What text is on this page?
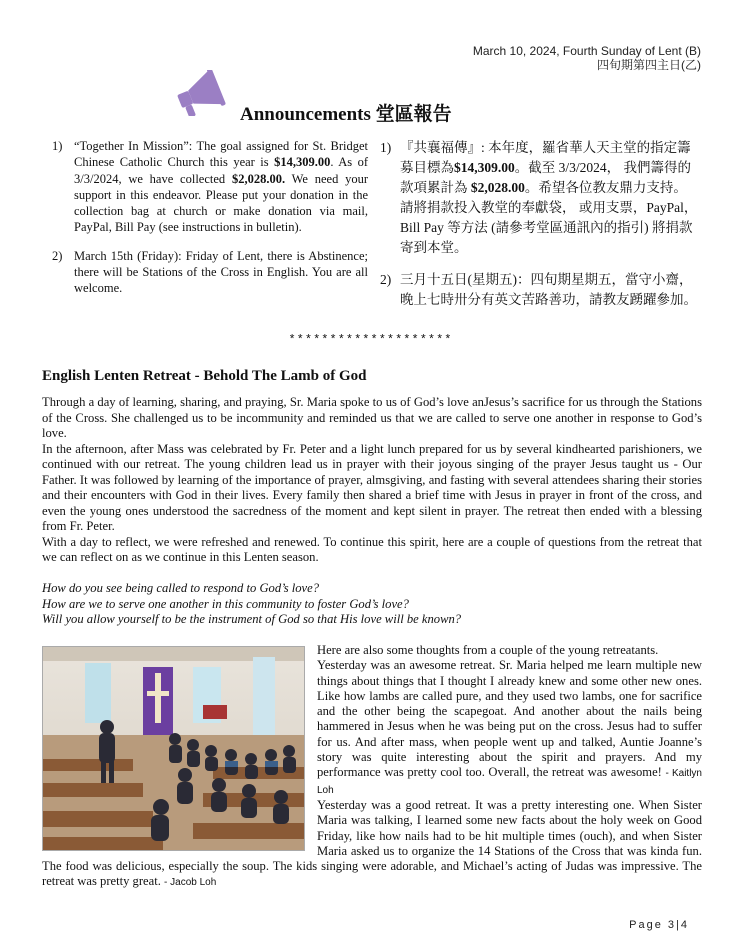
March 10, 2024, Fourth Sunday of Lent (B)
四旬期第四主日(乙)
Announcements 堂區報告
1) “Together In Mission”: The goal assigned for St. Bridget Chinese Catholic Church this year is $14,309.00. As of 3/3/2024, we have collected $2,028.00. We need your support in this endeavor. Please put your donation in the collection bag at church or make donation via mail, PayPal, Bill Pay (see instructions in bulletin).
2) March 15th (Friday): Friday of Lent, there is Abstinence; there will be Stations of the Cross in English. You are all welcome.
1) 『共襄福傳』: 本年度，羅省華人天主堂的指定籌募目標為$14,309.00。截至 3/3/2024， 我們籌得的款項累計為 $2,028.00。希望各位教友鼎力支持。 請將捐款投入教堂的奉獻袋， 或用支票，PayPal， Bill Pay 等方法 (請參考堂區通訊內的指引) 將捐款寄到本堂。
2) 三月十五日(星期五)：四旬期星期五，當守小齋，晚上七時卅分有英文苦路善功，請教友踴躍參加。
********************
English Lenten Retreat - Behold The Lamb of God

Through a day of learning, sharing, and praying, Sr. Maria spoke to us of God’s love anJesus’s sacrifice for us through the Stations of the Cross. She challenged us to be incommunity and reminded us that we are called to serve one another in response to God’s love.

In the afternoon, after Mass was celebrated by Fr. Peter and a light lunch prepared for us by several kindhearted parishioners, we continued with our retreat. The young children lead us in prayer with their joyous singing of the prayer Jesus taught us - Our Father. It was followed by learning of the importance of prayer, almsgiving, and fasting with several attendees sharing their stories and their encounters with God in their lives. Every family then shared a brief time with Jesus in prayer in front of the cross, and even the young ones understood the sacredness of the moment and kept silent in prayer. The retreat then ended with a blessing from Fr. Peter.

With a day to reflect, we were refreshed and renewed. To continue this spirit, here are a couple of questions from the retreat that we can reflect on as we continue in this Lenten season.

How do you see being called to respond to God’s love?
How are we to serve one another in this community to foster God’s love?
Will you allow yourself to be the instrument of God so that His love will be known?

Here are also some thoughts from a couple of the young retreatants.

Yesterday was an awesome retreat. Sr. Maria helped me learn multiple new things about things that I thought I already knew and some other new ones. Like how lambs are called pure, and they used two lambs, one for sacrifice and the other being the scapegoat. And another about the nails being hammered in Jesus when he was being put on the cross. Jesus had to suffer for us. And after mass, when people went up and talked, Auntie Joanne’s story was quite interesting about the spirit and prayers. And my performance was pretty cool too. Overall, the retreat was awesome! - Kaitlyn Loh

Yesterday was a good retreat. It was a pretty interesting one. When Sister Maria was talking, I learned some new facts about the holy week on Good Friday, like how nails had to be hit multiple times (ouch), and when Sister Maria asked us to organize the 14 Stations of the Cross that was kinda fun. The food was delicious, especially the soup. The kids singing were adorable, and Michael’s acting of Judas was impressive. The retreat was pretty great. - Jacob Loh

Page 3|4
